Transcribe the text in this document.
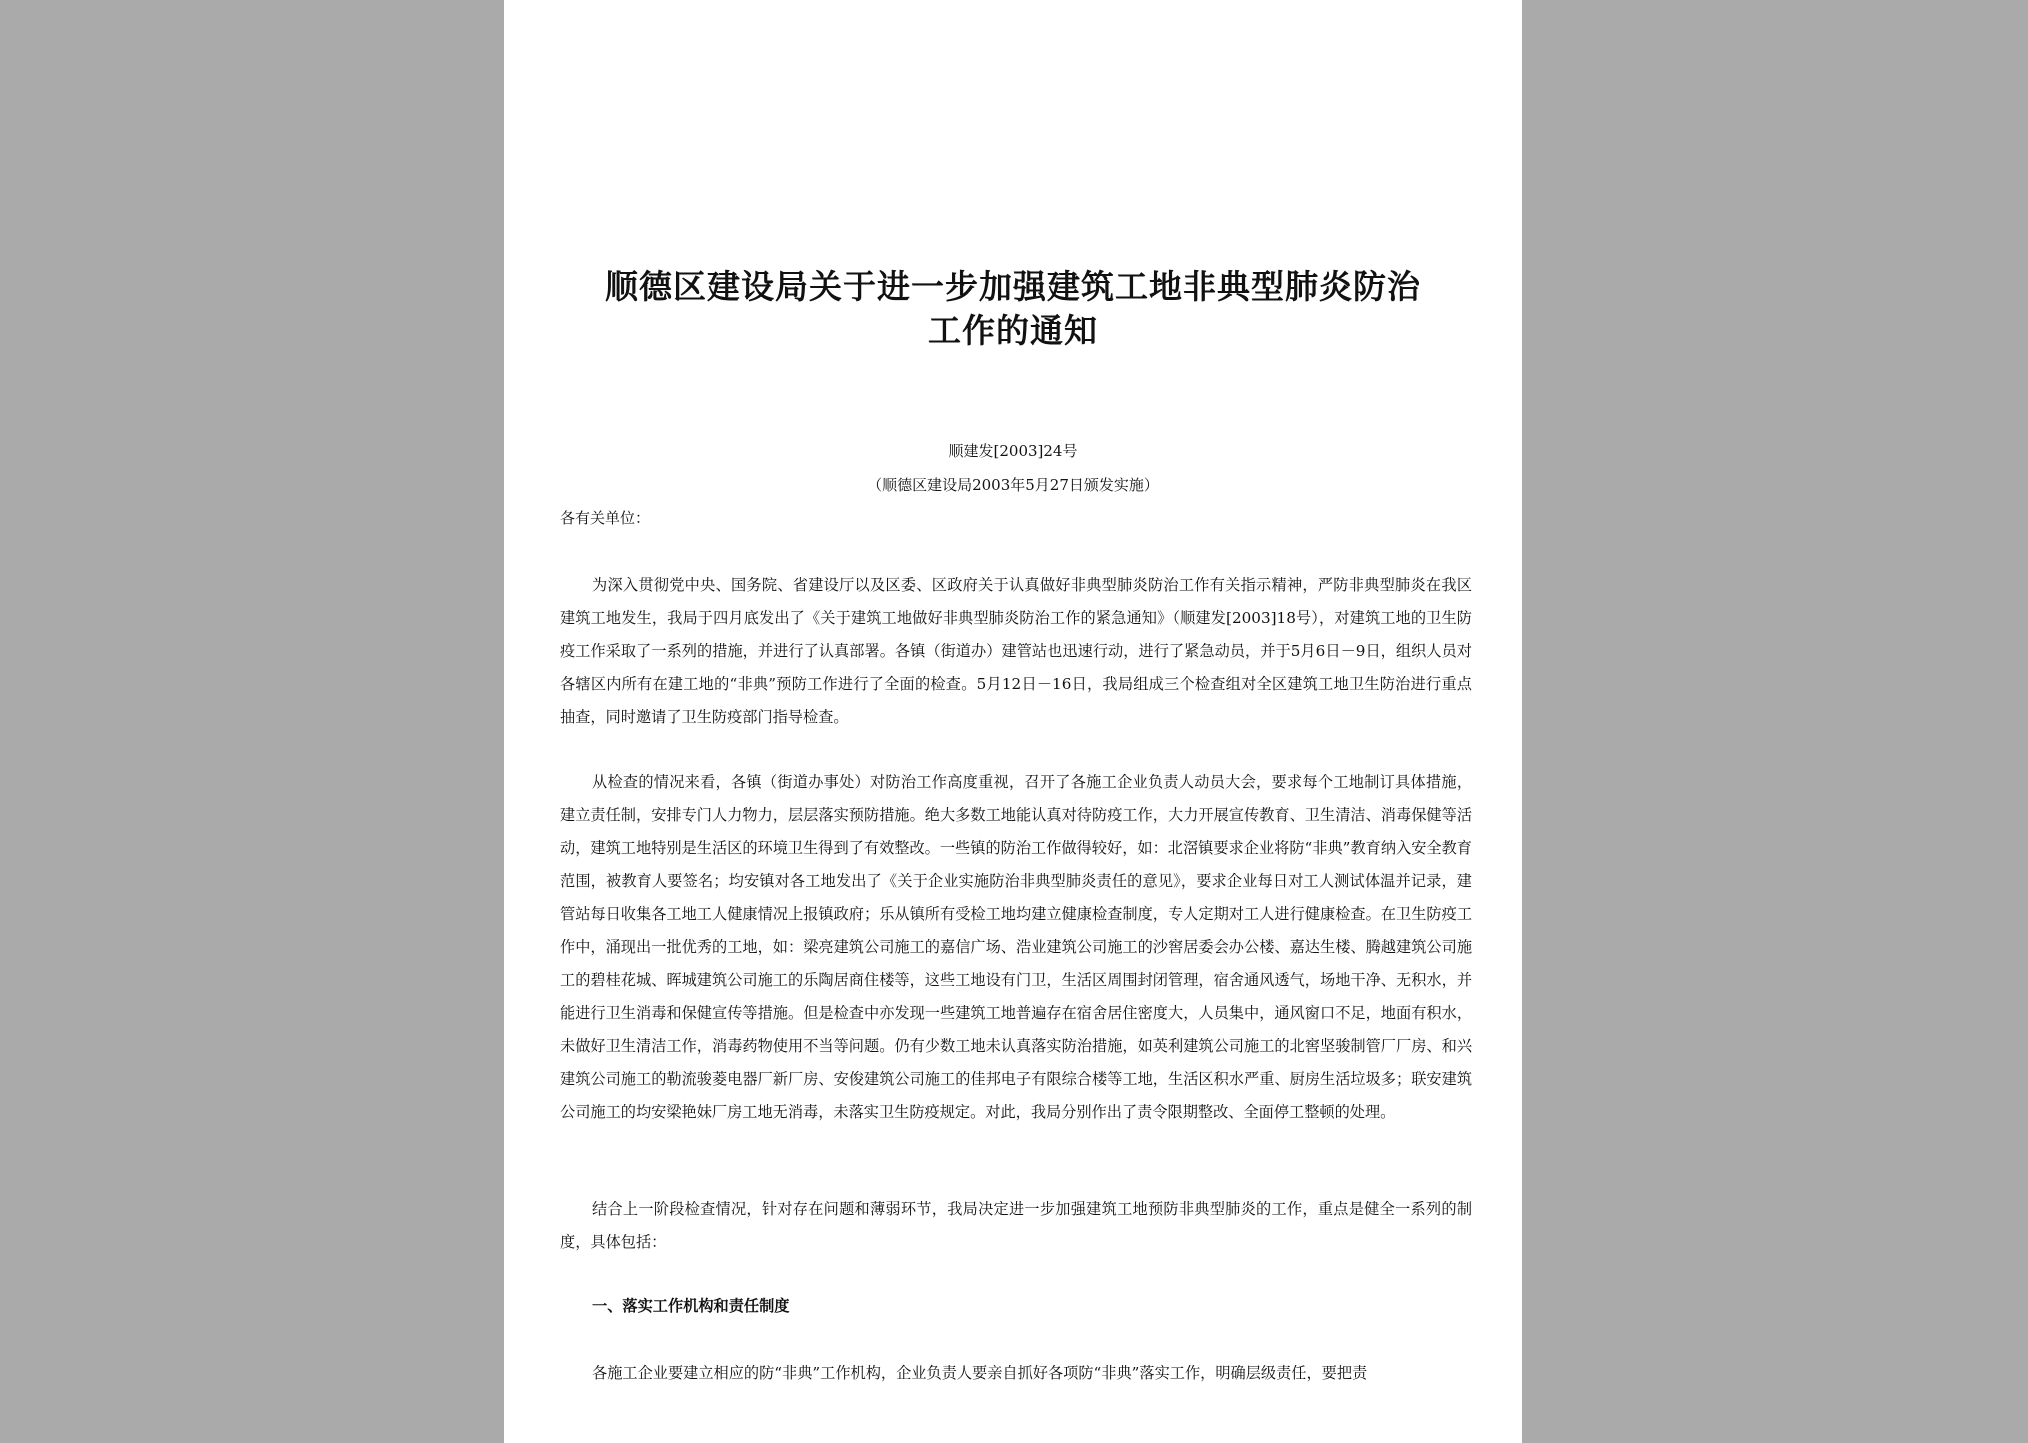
顺德区建设局关于进一步加强建筑工地非典型肺炎防治
工作的通知
顺建发[2003]24号
（顺德区建设局2003年5月27日颁发实施）
各有关单位：

为深入贯彻党中央、国务院、省建设厅以及区委、区政府关于认真做好非典型肺炎防治工作有关指示精神，严防非典型肺炎在我区建筑工地发生，我局于四月底发出了《关于建筑工地做好非典型肺炎防治工作的紧急通知》（顺建发[2003]18号），对建筑工地的卫生防疫工作采取了一系列的措施，并进行了认真部署。各镇（街道办）建管站也迅速行动，进行了紧急动员，并于5月6日－9日，组织人员对各辖区内所有在建工地的“非典”预防工作进行了全面的检查。5月12日－16日，我局组成三个检查组对全区建筑工地卫生防治进行重点抽查，同时邀请了卫生防疫部门指导检查。

从检查的情况来看，各镇（街道办事处）对防治工作高度重视，召开了各施工企业负责人动员大会，要求每个工地制订具体措施，建立责任制，安排专门人力物力，层层落实预防措施。绝大多数工地能认真对待防疫工作，大力开展宣传教育、卫生清洁、消毒保健等活动，建筑工地特别是生活区的环境卫生得到了有效整改。一些镇的防治工作做得较好，如：北滘镇要求企业将防“非典”教育纳入安全教育范围，被教育人要签名；均安镇对各工地发出了《关于企业实施防治非典型肺炎责任的意见》，要求企业每日对工人测试体温并记录，建管站每日收集各工地工人健康情况上报镇政府；乐从镇所有受检工地均建立健康检查制度，专人定期对工人进行健康检查。在卫生防疫工作中，涌现出一批优秀的工地，如：梁亮建筑公司施工的嘉信广场、浩业建筑公司施工的沙窖居委会办公楼、嘉达生楼、腾越建筑公司施工的碧桂花城、晖城建筑公司施工的乐陶居商住楼等，这些工地设有门卫，生活区周围封闭管理，宿舍通风透气，场地干净、无积水，并能进行卫生消毒和保健宣传等措施。但是检查中亦发现一些建筑工地普遍存在宿舍居住密度大，人员集中，通风窗口不足，地面有积水，未做好卫生清洁工作，消毒药物使用不当等问题。仍有少数工地未认真落实防治措施，如英利建筑公司施工的北窖坚骏制管厂厂房、和兴建筑公司施工的勒流骏菱电器厂新厂房、安俊建筑公司施工的佳邦电子有限综合楼等工地，生活区积水严重、厨房生活垃圾多；联安建筑公司施工的均安梁艳妹厂房工地无消毒，未落实卫生防疫规定。对此，我局分别作出了责令限期整改、全面停工整顿的处理。

结合上一阶段检查情况，针对存在问题和薄弱环节，我局决定进一步加强建筑工地预防非典型肺炎的工作，重点是健全一系列的制度，具体包括：

一、落实工作机构和责任制度

各施工企业要建立相应的防“非典”工作机构，企业负责人要亲自抓好各项防“非典”落实工作，明确层级责任，要把责
